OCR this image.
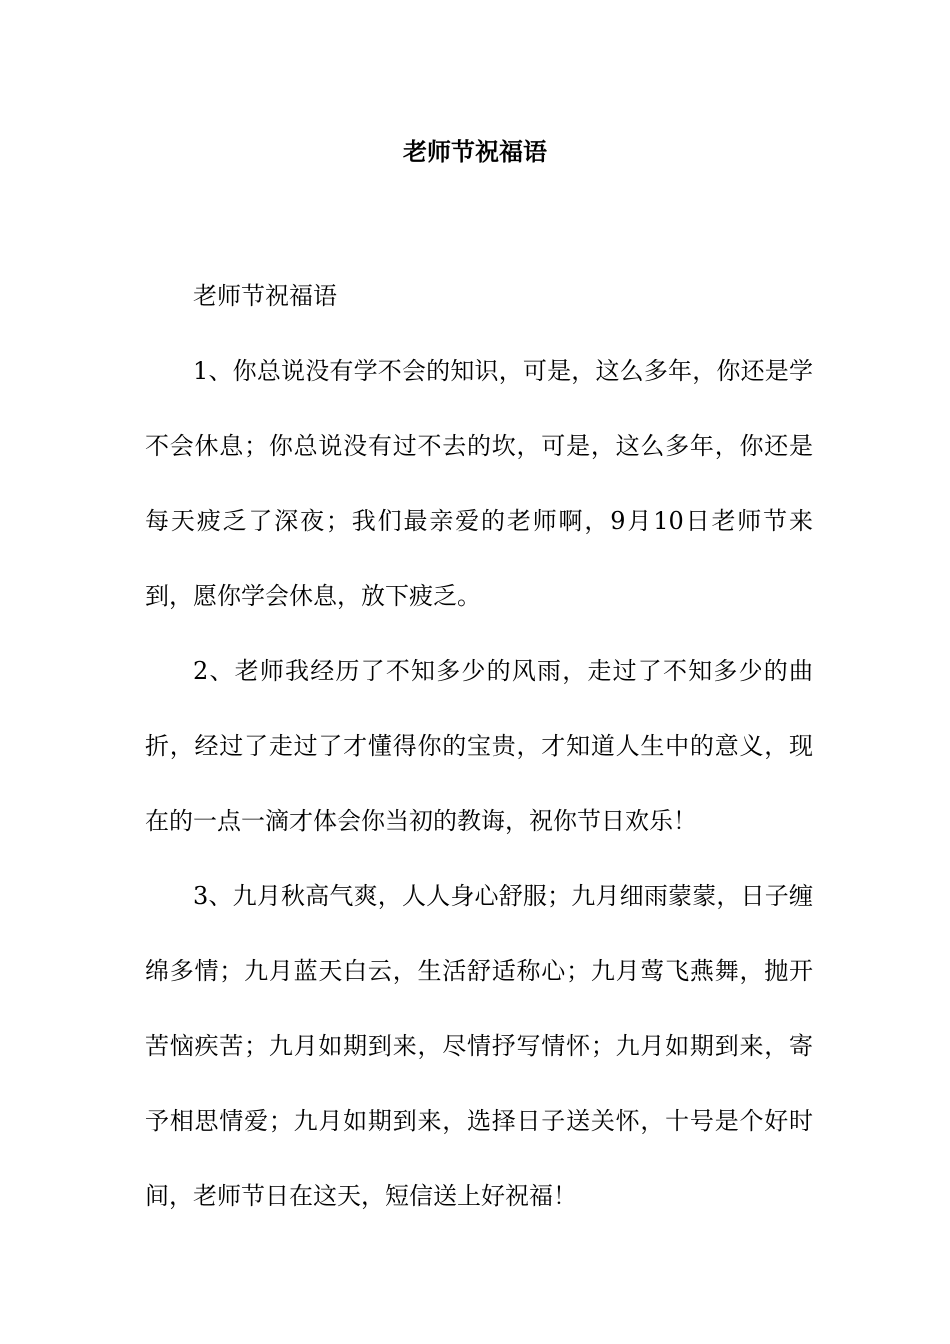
老师节祝福语

老师节祝福语

1、你总说没有学不会的知识，可是，这么多年，你还是学不会休息；你总说没有过不去的坎，可是，这么多年，你还是每天疲乏了深夜；我们最亲爱的老师啊，9月10日老师节来到，愿你学会休息，放下疲乏。

2、老师我经历了不知多少的风雨，走过了不知多少的曲折，经过了走过了才懂得你的宝贵，才知道人生中的意义，现在的一点一滴才体会你当初的教诲，祝你节日欢乐！

3、九月秋高气爽，人人身心舒服；九月细雨蒙蒙，日子缠绵多情；九月蓝天白云，生活舒适称心；九月莺飞燕舞，抛开苦恼疾苦；九月如期到来，尽情抒写情怀；九月如期到来，寄予相思情爱；九月如期到来，选择日子送关怀，十号是个好时间，老师节日在这天，短信送上好祝福！
